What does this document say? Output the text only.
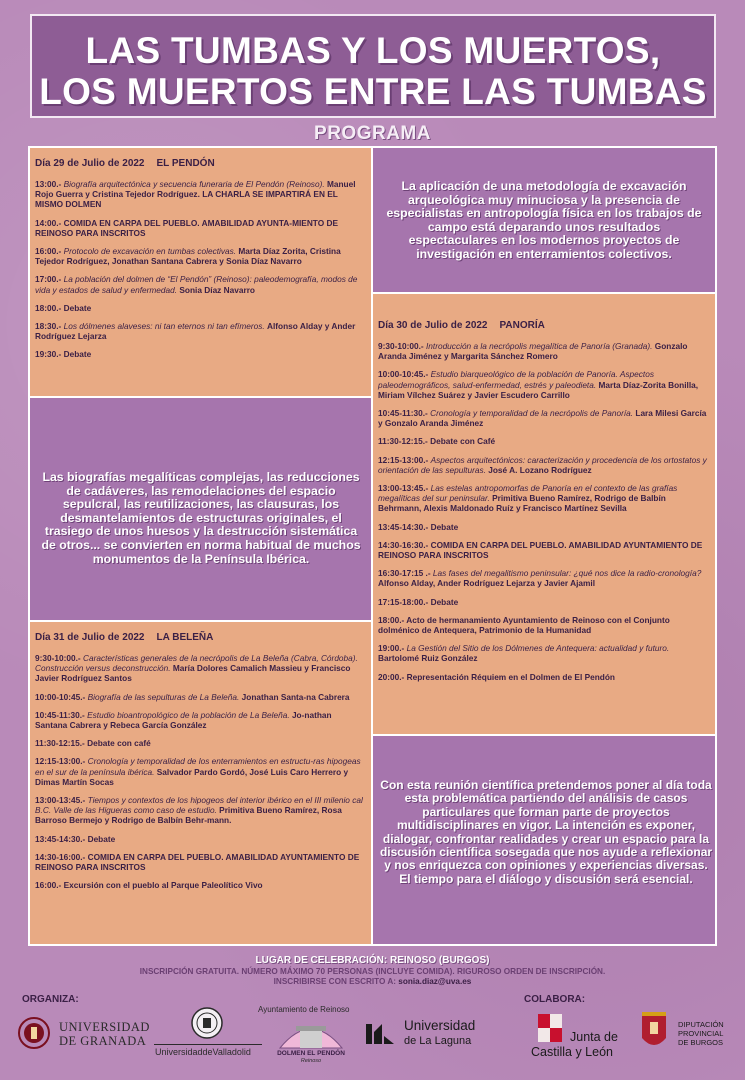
LAS TUMBAS Y LOS MUERTOS,
LOS MUERTOS ENTRE LAS TUMBAS
PROGRAMA
Día 29 de Julio de 2022 EL PENDÓN
13:00.- Biografía arquitectónica y secuencia funeraria de El Pendón (Reinoso). Manuel Rojo Guerra y Cristina Tejedor Rodríguez. LA CHARLA SE IMPARTIRÁ EN EL MISMO DOLMEN
14:00.- COMIDA EN CARPA DEL PUEBLO. AMABILIDAD AYUNTA-MIENTO DE REINOSO PARA INSCRITOS
16:00.- Protocolo de excavación en tumbas colectivas. Marta Díaz Zorita, Cristina Tejedor Rodríguez, Jonathan Santana Cabrera y Sonia Díaz Navarro
17:00.- La población del dolmen de “El Pendón” (Reinoso): paleodemografía, modos de vida y estados de salud y enfermedad. Sonia Díaz Navarro
18:00.- Debate
18:30.- Los dólmenes alaveses: ni tan eternos ni tan efímeros. Alfonso Alday y Ander Rodríguez Lejarza
19:30.- Debate
La aplicación de una metodología de excavación arqueológica muy minuciosa y la presencia de especialistas en antropología física en los trabajos de campo está deparando unos resultados espectaculares en los modernos proyectos de investigación en enterramientos colectivos.
Día 30 de Julio de 2022 PANORÍA
9:30-10:00.- Introducción a la necrópolis megalítica de Panoría (Granada). Gonzalo Aranda Jiménez y Margarita Sánchez Romero
10:00-10:45.- Estudio biarqueológico de la población de Panoría. Aspectos paleodemográficos, salud-enfermedad, estrés y paleodieta. Marta Díaz-Zorita Bonilla, Miriam Vílchez Suárez y Javier Escudero Carrillo
10:45-11:30.- Cronología y temporalidad de la necrópolis de Panoría. Lara Milesi García y Gonzalo Aranda Jiménez
11:30-12:15.- Debate con Café
12:15-13:00.- Aspectos arquitectónicos: caracterización y procedencia de los ortostatos y orientación de las sepulturas. José A. Lozano Rodríguez
13:00-13:45.- Las estelas antropomorfas de Panoría en el contexto de las grafías megalíticas del sur peninsular. Primitiva Bueno Ramírez, Rodrigo de Balbín Behrmann, Alexis Maldonado Ruíz y Francisco Martínez Sevilla
13:45-14:30.- Debate
14:30-16:30.- COMIDA EN CARPA DEL PUEBLO. AMABILIDAD AYUNTAMIENTO DE REINOSO PARA INSCRITOS
16:30-17:15 .- Las fases del megalitismo peninsular: ¿qué nos dice la radio-cronología? Alfonso Alday, Ander Rodríguez Lejarza y Javier Ajamil
17:15-18:00.- Debate
18:00.- Acto de hermanamiento Ayuntamiento de Reinoso con el Conjunto dolménico de Antequera, Patrimonio de la Humanidad
19:00.- La Gestión del Sitio de los Dólmenes de Antequera: actualidad y futuro. Bartolomé Ruiz González
20:00.- Representación Réquiem en el Dolmen de El Pendón
Las biografías megalíticas complejas, las reducciones de cadáveres, las remodelaciones del espacio sepulcral, las reutilizaciones, las clausuras, los desmantelamientos de estructuras originales, el trasiego de unos huesos y la destrucción sistemática de otros... se convierten en norma habitual de muchos monumentos de la Península Ibérica.
Día 31 de Julio de 2022 LA BELEÑA
9:30-10:00.- Características generales de la necrópolis de La Beleña (Cabra, Córdoba). Construcción versus deconstrucción. María Dolores Camalich Massieu y Francisco Javier Rodríguez Santos
10:00-10:45.- Biografía de las sepulturas de La Beleña. Jonathan Santa-na Cabrera
10:45-11:30.- Estudio bioantropológico de la población de La Beleña. Jo-nathan Santana Cabrera y Rebeca García González
11:30-12:15.- Debate con café
12:15-13:00.- Cronología y temporalidad de los enterramientos en estructu-ras hipogeas en el sur de la península ibérica. Salvador Pardo Gordó, José Luis Caro Herrero y Dimas Martín Socas
13:00-13:45.- Tiempos y contextos de los hipogeos del interior ibérico en el III milenio cal B.C. Valle de las Higueras como caso de estudio. Primitiva Bueno Ramírez, Rosa Barroso Bermejo y Rodrigo de Balbín Behr-mann.
13:45-14:30.- Debate
14:30-16:00.- COMIDA EN CARPA DEL PUEBLO. AMABILIDAD AYUNTAMIENTO DE REINOSO PARA INSCRITOS
16:00.- Excursión con el pueblo al Parque Paleolítico Vivo
Con esta reunión científica pretendemos poner al día toda esta problemática partiendo del análisis de casos particulares que forman parte de proyectos multidisciplinares en vigor. La intención es exponer, dialogar, confrontar realidades y crear un espacio para la discusión científica sosegada que nos ayude a reflexionar y nos enriquezca con opiniones y experiencias diversas. El tiempo para el diálogo y discusión será esencial.
LUGAR DE CELEBRACIÓN: REINOSO (BURGOS)
INSCRIPCIÓN GRATUITA. NÚMERO MÁXIMO 70 PERSONAS (INCLUYE COMIDA). RIGUROSO ORDEN DE INSCRIPCIÓN.
INSCRIBIRSE CON ESCRITO A: sonia.diaz@uva.es
ORGANIZA:	COLABORA:
UNIVERSIDAD
DE GRANADA
UniversidaddeValladolid
Ayuntamiento de Reinoso
DOLMEN EL PENDÓN
Reinoso
Universidad
de La Laguna	Junta de
Castilla y León
DIPUTACIÓN
PROVINCIAL
DE BURGOS
